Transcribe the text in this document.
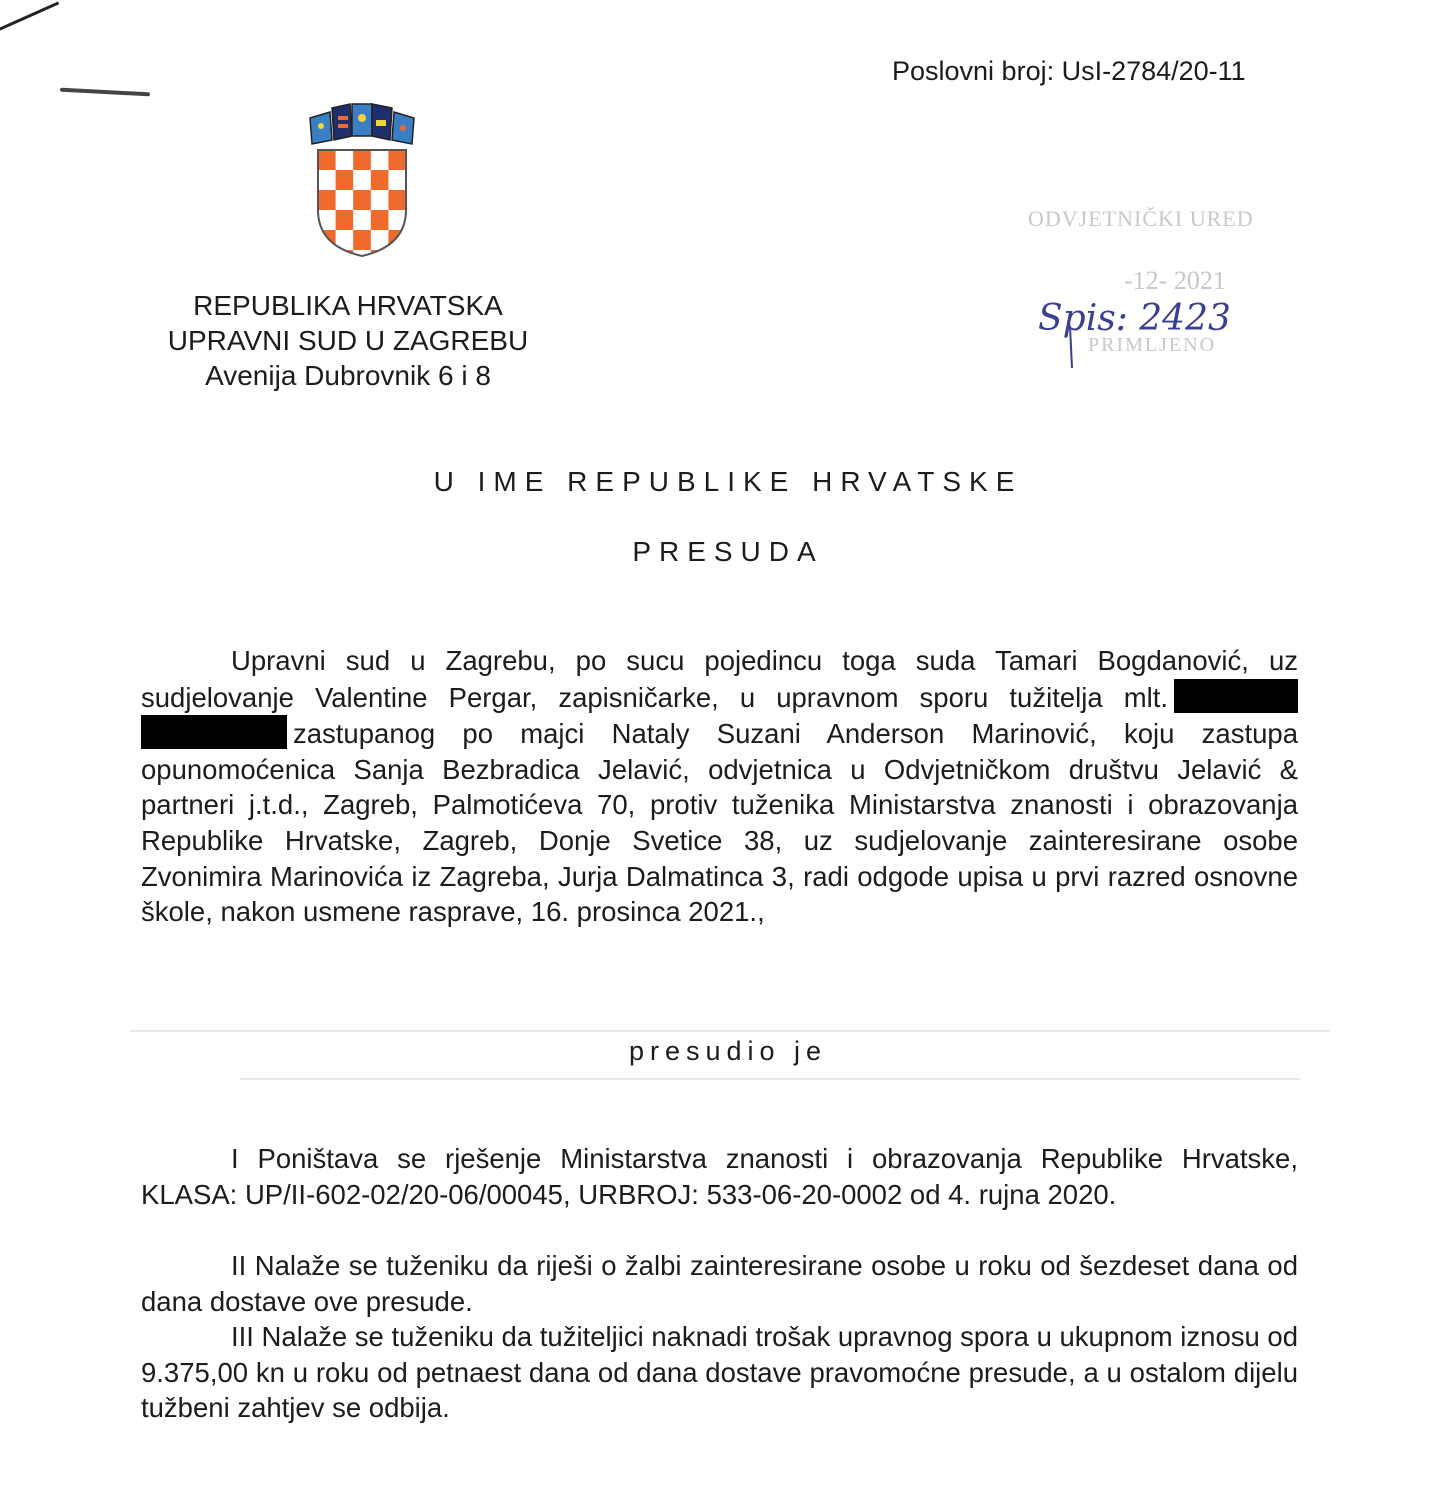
Poslovni broj: UsI-2784/20-11
REPUBLIKA HRVATSKA
UPRAVNI SUD U ZAGREBU
Avenija Dubrovnik 6 i 8
ODVJETNIČKI URED
-12- 2021
PRIMLJENO
Spis: 2423
U IME REPUBLIKE HRVATSKE
PRESUDA
Upravni sud u Zagrebu, po sucu pojedincu toga suda Tamari Bogdanović, uz sudjelovanje Valentine Pergar, zapisničarke, u upravnom sporu tužitelja mlt. zastupanog po majci Nataly Suzani Anderson Marinović, koju zastupa opunomoćenica Sanja Bezbradica Jelavić, odvjetnica u Odvjetničkom društvu Jelavić & partneri j.t.d., Zagreb, Palmotićeva 70, protiv tuženika Ministarstva znanosti i obrazovanja Republike Hrvatske, Zagreb, Donje Svetice 38, uz sudjelovanje zainteresirane osobe Zvonimira Marinovića iz Zagreba, Jurja Dalmatinca 3, radi odgode upisa u prvi razred osnovne škole, nakon usmene rasprave, 16. prosinca 2021.,
presudio je
I Poništava se rješenje Ministarstva znanosti i obrazovanja Republike Hrvatske, KLASA: UP/II-602-02/20-06/00045, URBROJ: 533-06-20-0002 od 4. rujna 2020.
II Nalaže se tuženiku da riješi o žalbi zainteresirane osobe u roku od šezdeset dana od dana dostave ove presude.
III Nalaže se tuženiku da tužiteljici naknadi trošak upravnog spora u ukupnom iznosu od 9.375,00 kn u roku od petnaest dana od dana dostave pravomoćne presude, a u ostalom dijelu tužbeni zahtjev se odbija.
